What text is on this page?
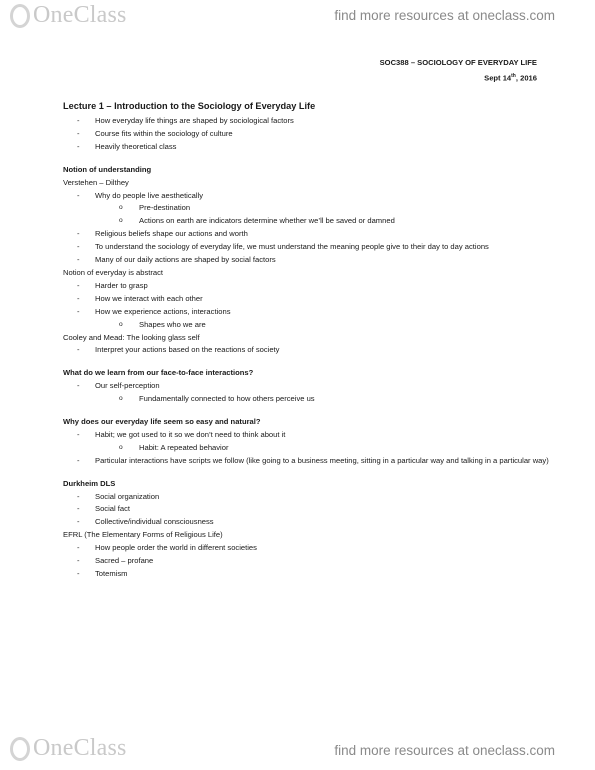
OneClass	find more resources at oneclass.com
SOC388 – SOCIOLOGY OF EVERYDAY LIFE
Sept 14th, 2016
Lecture 1 – Introduction to the Sociology of Everyday Life
- How everyday life things are shaped by sociological factors
- Course fits within the sociology of culture
- Heavily theoretical class
Notion of understanding
Verstehen – Dilthey
- Why do people live aesthetically
o Pre-destination
o Actions on earth are indicators determine whether we’ll be saved or damned
- Religious beliefs shape our actions and worth
- To understand the sociology of everyday life, we must understand the meaning people give to their day to day actions
- Many of our daily actions are shaped by social factors
Notion of everyday is abstract
- Harder to grasp
- How we interact with each other
- How we experience actions, interactions
o Shapes who we are
Cooley and Mead: The looking glass self
- Interpret your actions based on the reactions of society
What do we learn from our face-to-face interactions?
- Our self-perception
o Fundamentally connected to how others perceive us
Why does our everyday life seem so easy and natural?
- Habit; we got used to it so we don’t need to think about it
o Habit: A repeated behavior
- Particular interactions have scripts we follow (like going to a business meeting, sitting in a particular way and talking in a particular way)
Durkheim DLS
- Social organization
- Social fact
- Collective/individual consciousness
EFRL (The Elementary Forms of Religious Life)
- How people order the world in different societies
- Sacred – profane
- Totemism
OneClass	find more resources at oneclass.com
